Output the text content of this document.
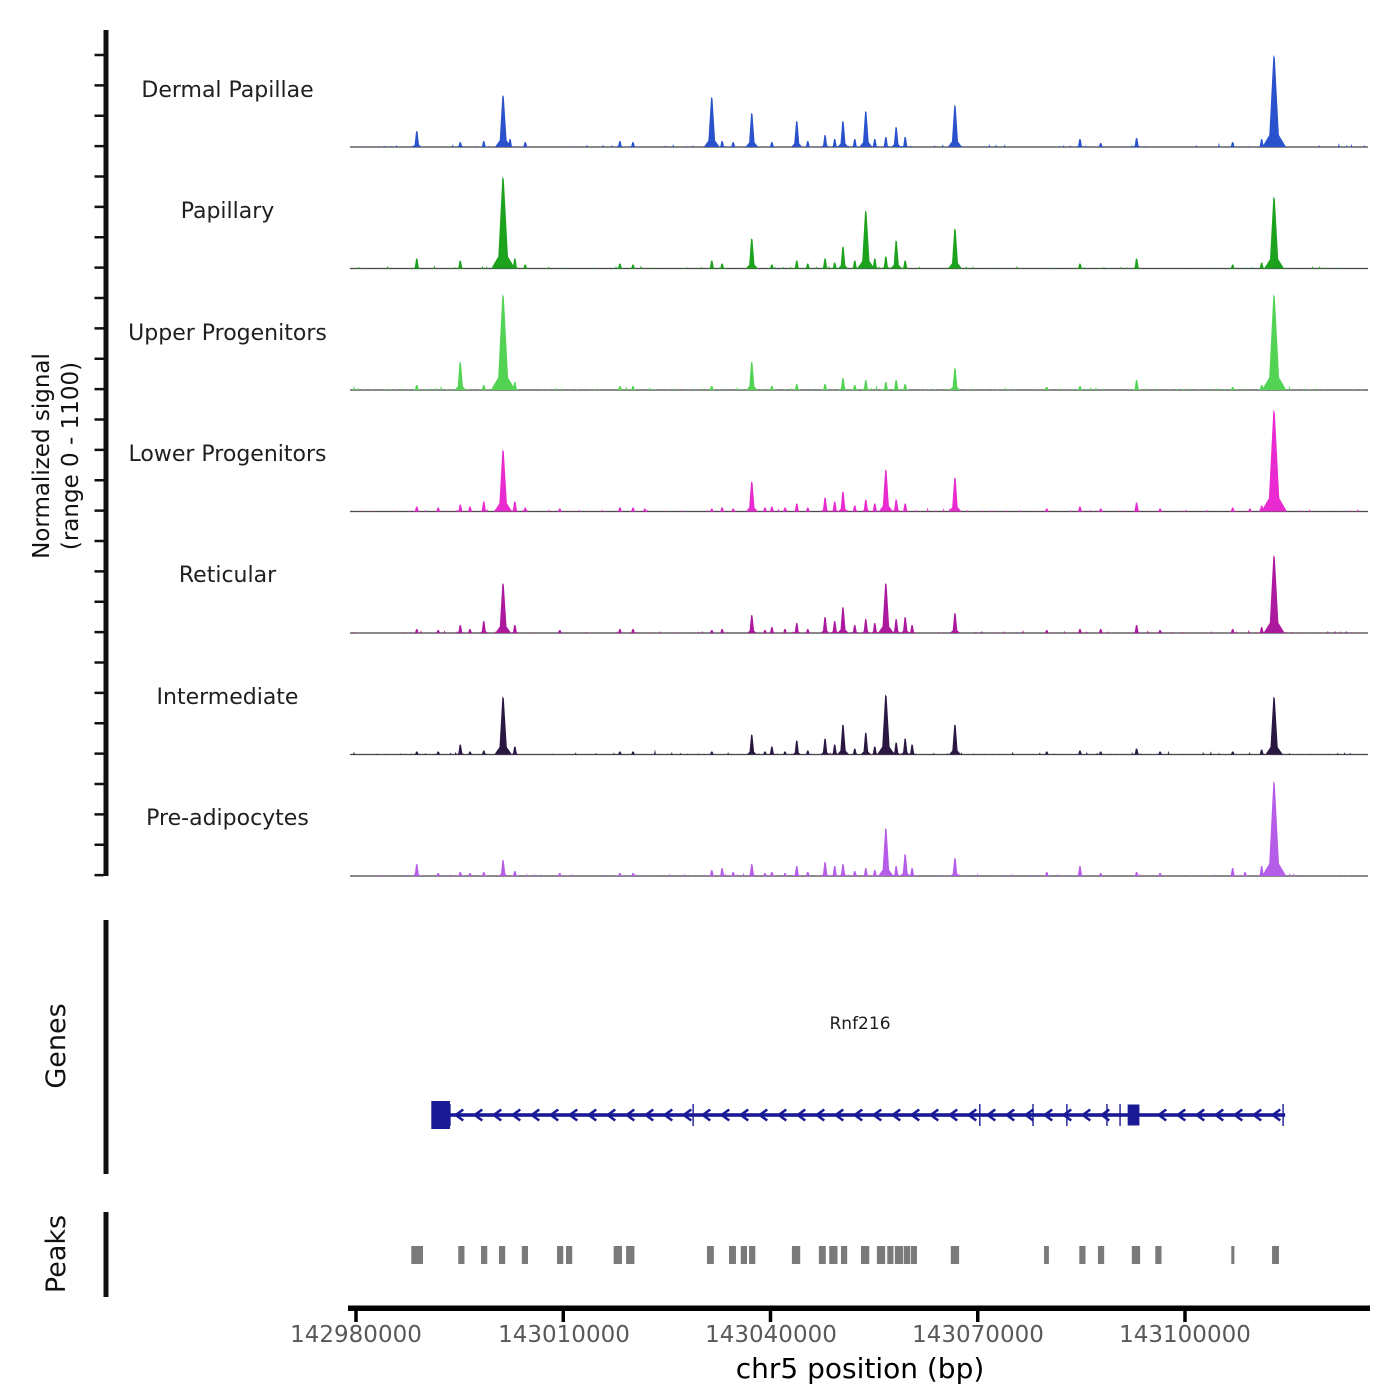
Normalized signal (range 0 - 1100)
Dermal Papillae
Papillary
Upper Progenitors
Lower Progenitors
Reticular
Intermediate
Pre-adipocytes
Genes
Peaks
Rnf216
142980000	143010000	143040000	143070000	143100000
chr5 position (bp)
